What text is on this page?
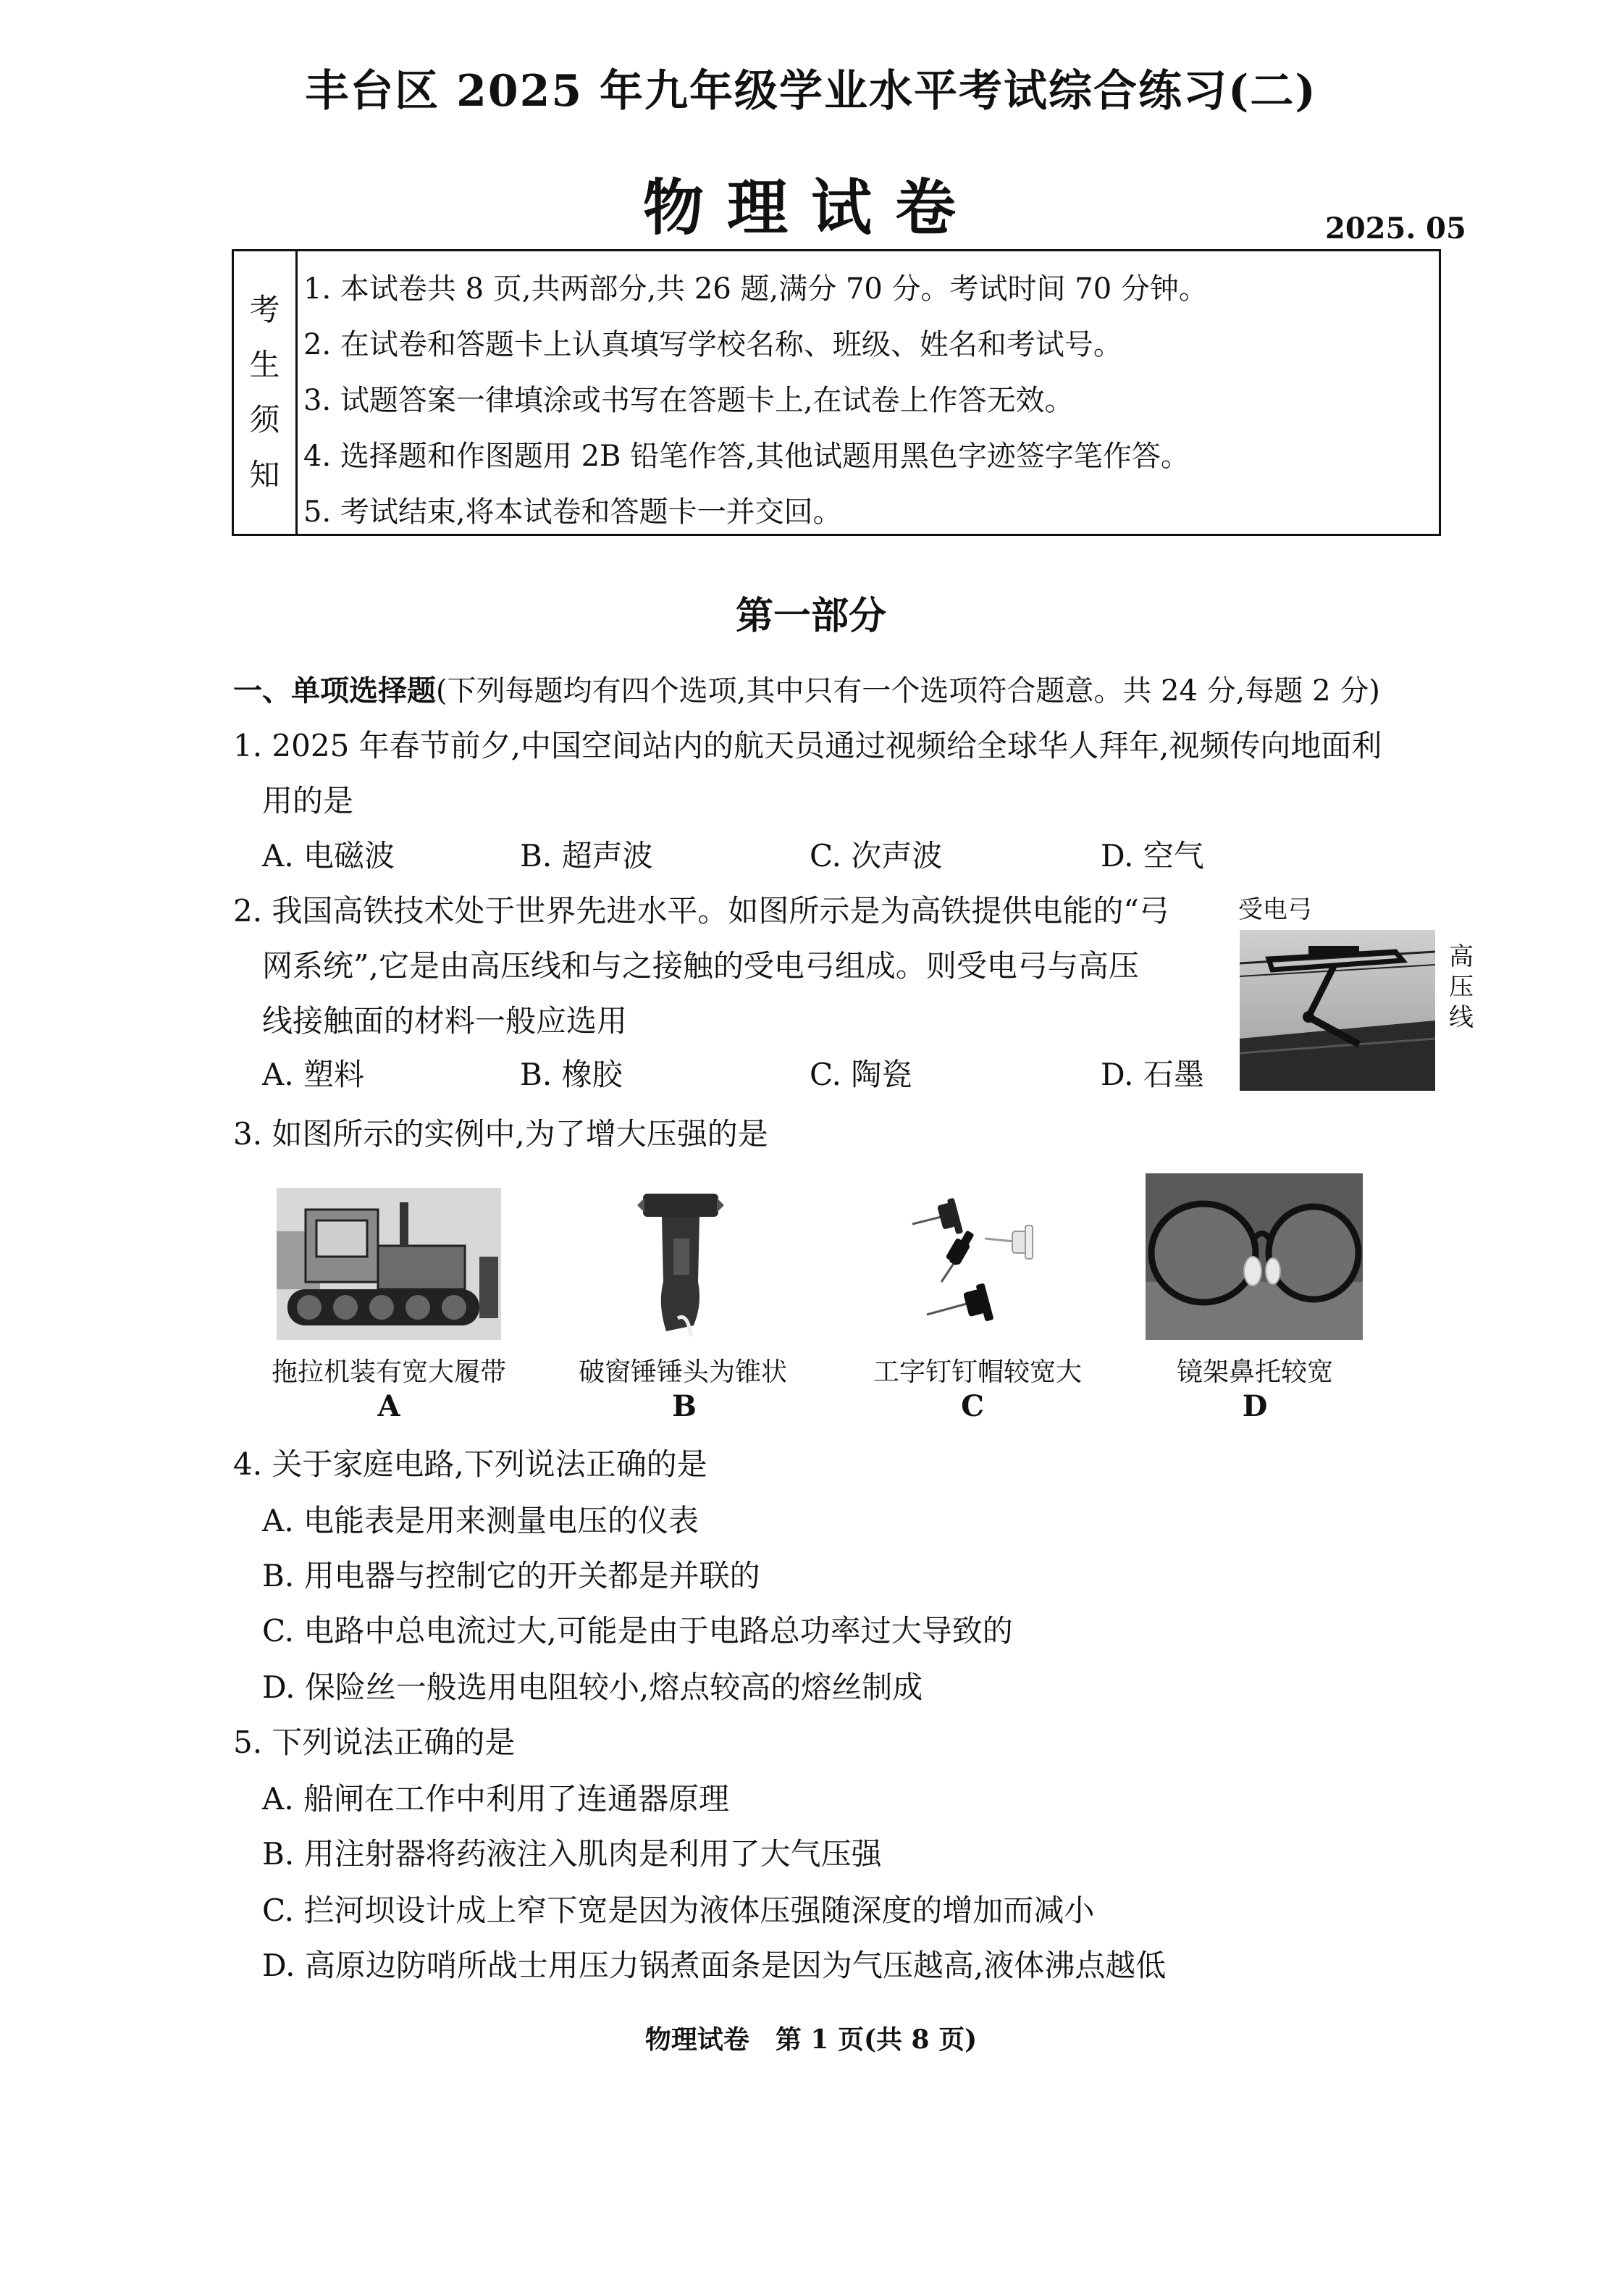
丰台区 2025 年九年级学业水平考试综合练习(二)
物理试卷	2025. 05
考
生
须
知
1. 本试卷共 8 页,共两部分,共 26 题,满分 70 分。考试时间 70 分钟。
2. 在试卷和答题卡上认真填写学校名称、班级、姓名和考试号。
3. 试题答案一律填涂或书写在答题卡上,在试卷上作答无效。
4. 选择题和作图题用 2B 铅笔作答,其他试题用黑色字迹签字笔作答。
5. 考试结束,将本试卷和答题卡一并交回。
第一部分
一、单项选择题(下列每题均有四个选项,其中只有一个选项符合题意。共 24 分,每题 2 分)
1. 2025 年春节前夕,中国空间站内的航天员通过视频给全球华人拜年,视频传向地面利
用的是
A. 电磁波	B. 超声波	C. 次声波	D. 空气
2. 我国高铁技术处于世界先进水平。如图所示是为高铁提供电能的“弓
网系统”,它是由高压线和与之接触的受电弓组成。则受电弓与高压
线接触面的材料一般应选用
A. 塑料	B. 橡胶	C. 陶瓷	D. 石墨
受电弓
高
压
线
3. 如图所示的实例中,为了增大压强的是
拖拉机装有宽大履带
A
破窗锤锤头为锥状
B
工字钉钉帽较宽大
C
镜架鼻托较宽
D
4. 关于家庭电路,下列说法正确的是
A. 电能表是用来测量电压的仪表
B. 用电器与控制它的开关都是并联的
C. 电路中总电流过大,可能是由于电路总功率过大导致的
D. 保险丝一般选用电阻较小,熔点较高的熔丝制成
5. 下列说法正确的是
A. 船闸在工作中利用了连通器原理
B. 用注射器将药液注入肌肉是利用了大气压强
C. 拦河坝设计成上窄下宽是因为液体压强随深度的增加而减小
D. 高原边防哨所战士用压力锅煮面条是因为气压越高,液体沸点越低
物理试卷　第 1 页(共 8 页)
